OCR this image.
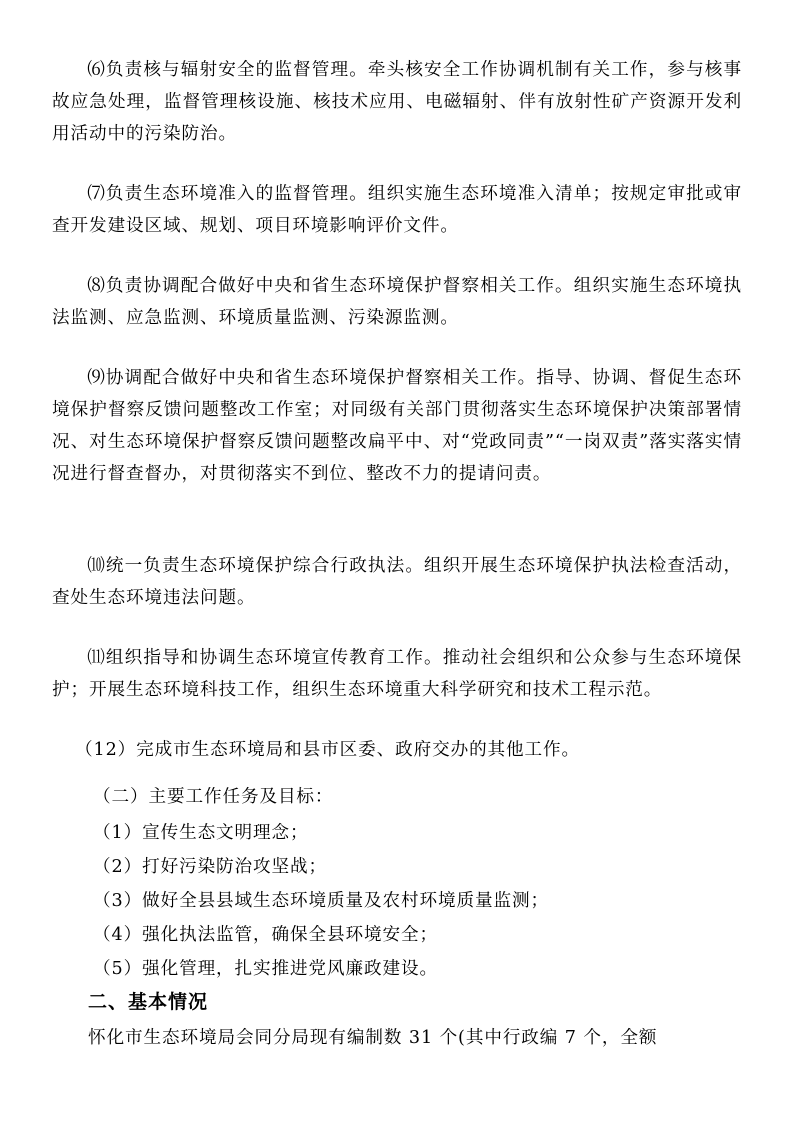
⑹负责核与辐射安全的监督管理。牵头核安全工作协调机制有关工作，参与核事故应急处理，监督管理核设施、核技术应用、电磁辐射、伴有放射性矿产资源开发利用活动中的污染防治。

⑺负责生态环境准入的监督管理。组织实施生态环境准入清单；按规定审批或审查开发建设区域、规划、项目环境影响评价文件。

⑻负责协调配合做好中央和省生态环境保护督察相关工作。组织实施生态环境执法监测、应急监测、环境质量监测、污染源监测。

⑼协调配合做好中央和省生态环境保护督察相关工作。指导、协调、督促生态环境保护督察反馈问题整改工作室；对同级有关部门贯彻落实生态环境保护决策部署情况、对生态环境保护督察反馈问题整改扁平中、对“党政同责”“一岗双责”落实落实情况进行督查督办，对贯彻落实不到位、整改不力的提请问责。

⑽统一负责生态环境保护综合行政执法。组织开展生态环境保护执法检查活动，查处生态环境违法问题。

⑾组织指导和协调生态环境宣传教育工作。推动社会组织和公众参与生态环境保护；开展生态环境科技工作，组织生态环境重大科学研究和技术工程示范。

（12）完成市生态环境局和县市区委、政府交办的其他工作。

（二）主要工作任务及目标：

（1）宣传生态文明理念；

（2）打好污染防治攻坚战；

（3）做好全县县域生态环境质量及农村环境质量监测；

（4）强化执法监管，确保全县环境安全；

（5）强化管理，扎实推进党风廉政建设。

二、基本情况

怀化市生态环境局会同分局现有编制数 31 个(其中行政编 7 个，全额
